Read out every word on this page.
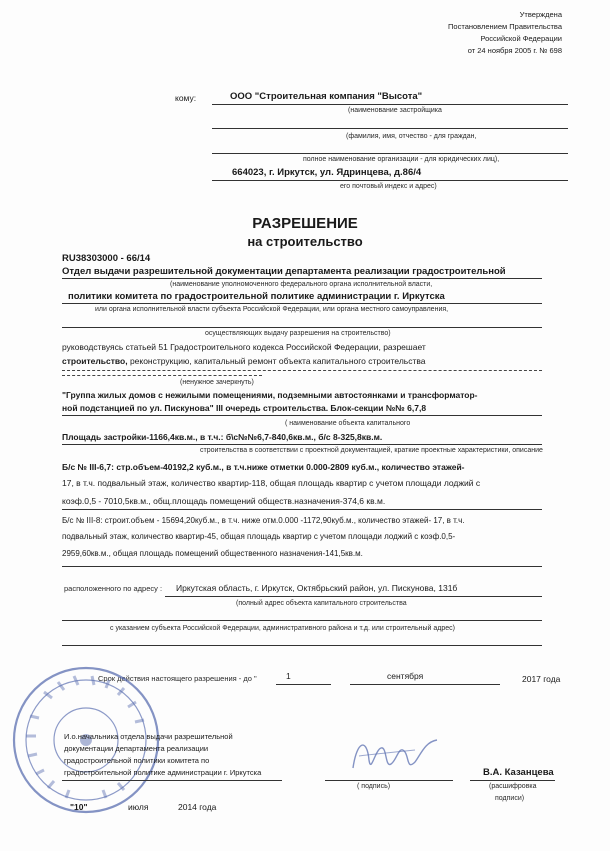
Утверждена
Постановлением Правительства
Российской Федерации
от 24 ноября 2005 г. № 698
кому:	ООО "Строительная компания "Высота"
(наименование застройщика
(фамилия, имя, отчество - для граждан,
полное наименование организации - для юридических лиц),
664023, г. Иркутск, ул. Ядринцева, д.86/4
его почтовый индекс и адрес)
РАЗРЕШЕНИЕ
на строительство
RU38303000 - 66/14
Отдел выдачи разрешительной документации департамента реализации градостроительной
(наименование уполномоченного федерального органа исполнительной власти,
политики комитета по градостроительной политике администрации г. Иркутска
или органа исполнительной власти субъекта Российской Федерации, или органа местного самоуправления,
осуществляющих выдачу разрешения на строительство)
руководствуясь статьей 51 Градостроительного кодекса Российской Федерации, разрешает
строительство, реконструкцию, капитальный ремонт объекта капитального строительства
(ненужное зачеркнуть)
"Группа жилых домов с нежилыми помещениями, подземными автостоянками и трансформатор-
ной подстанцией по ул. Пискунова" III очередь строительства. Блок-секции №№ 6,7,8
( наименование объекта капитального
Площадь застройки-1166,4кв.м., в т.ч.: б\с№№6,7-840,6кв.м., б/с 8-325,8кв.м.
строительства в соответствии с проектной документацией, краткие проектные характеристики, описание
Б/с № III-6,7: стр.объем-40192,2 куб.м., в т.ч.ниже отметки 0.000-2809 куб.м., количество этажей-
17, в т.ч. подвальный этаж, количество квартир-118, общая площадь квартир с учетом площади лоджий с
коэф.0,5 - 7010,5кв.м., общ.площадь помещений обществ.назначения-374,6 кв.м.
Б/с № III-8: строит.объем - 15694,20куб.м., в т.ч. ниже отм.0.000 -1172,90куб.м., количество этажей- 17, в т.ч.
подвальный этаж, количество квартир-45, общая площадь квартир с учетом площади лоджий с коэф.0,5-
2959,60кв.м., общая площадь помещений общественного назначения-141,5кв.м.
расположенного по адресу : Иркутская область, г. Иркутск, Октябрьский район, ул. Пискунова, 131б
(полный адрес объекта капитального строительства
с указанием субъекта Российской Федерации, административного района и т.д. или строительный адрес)
Срок действия настоящего разрешения - до "	1	сентября	2017 года
И.о.начальника отдела выдачи разрешительной
документации департамента реализации
градостроительной политики комитета по
градостроительной политике администрации г. Иркутска
( подпись)
В.А. Казанцева
(расшифровка
подписи)
"10"	июля	2014 года
